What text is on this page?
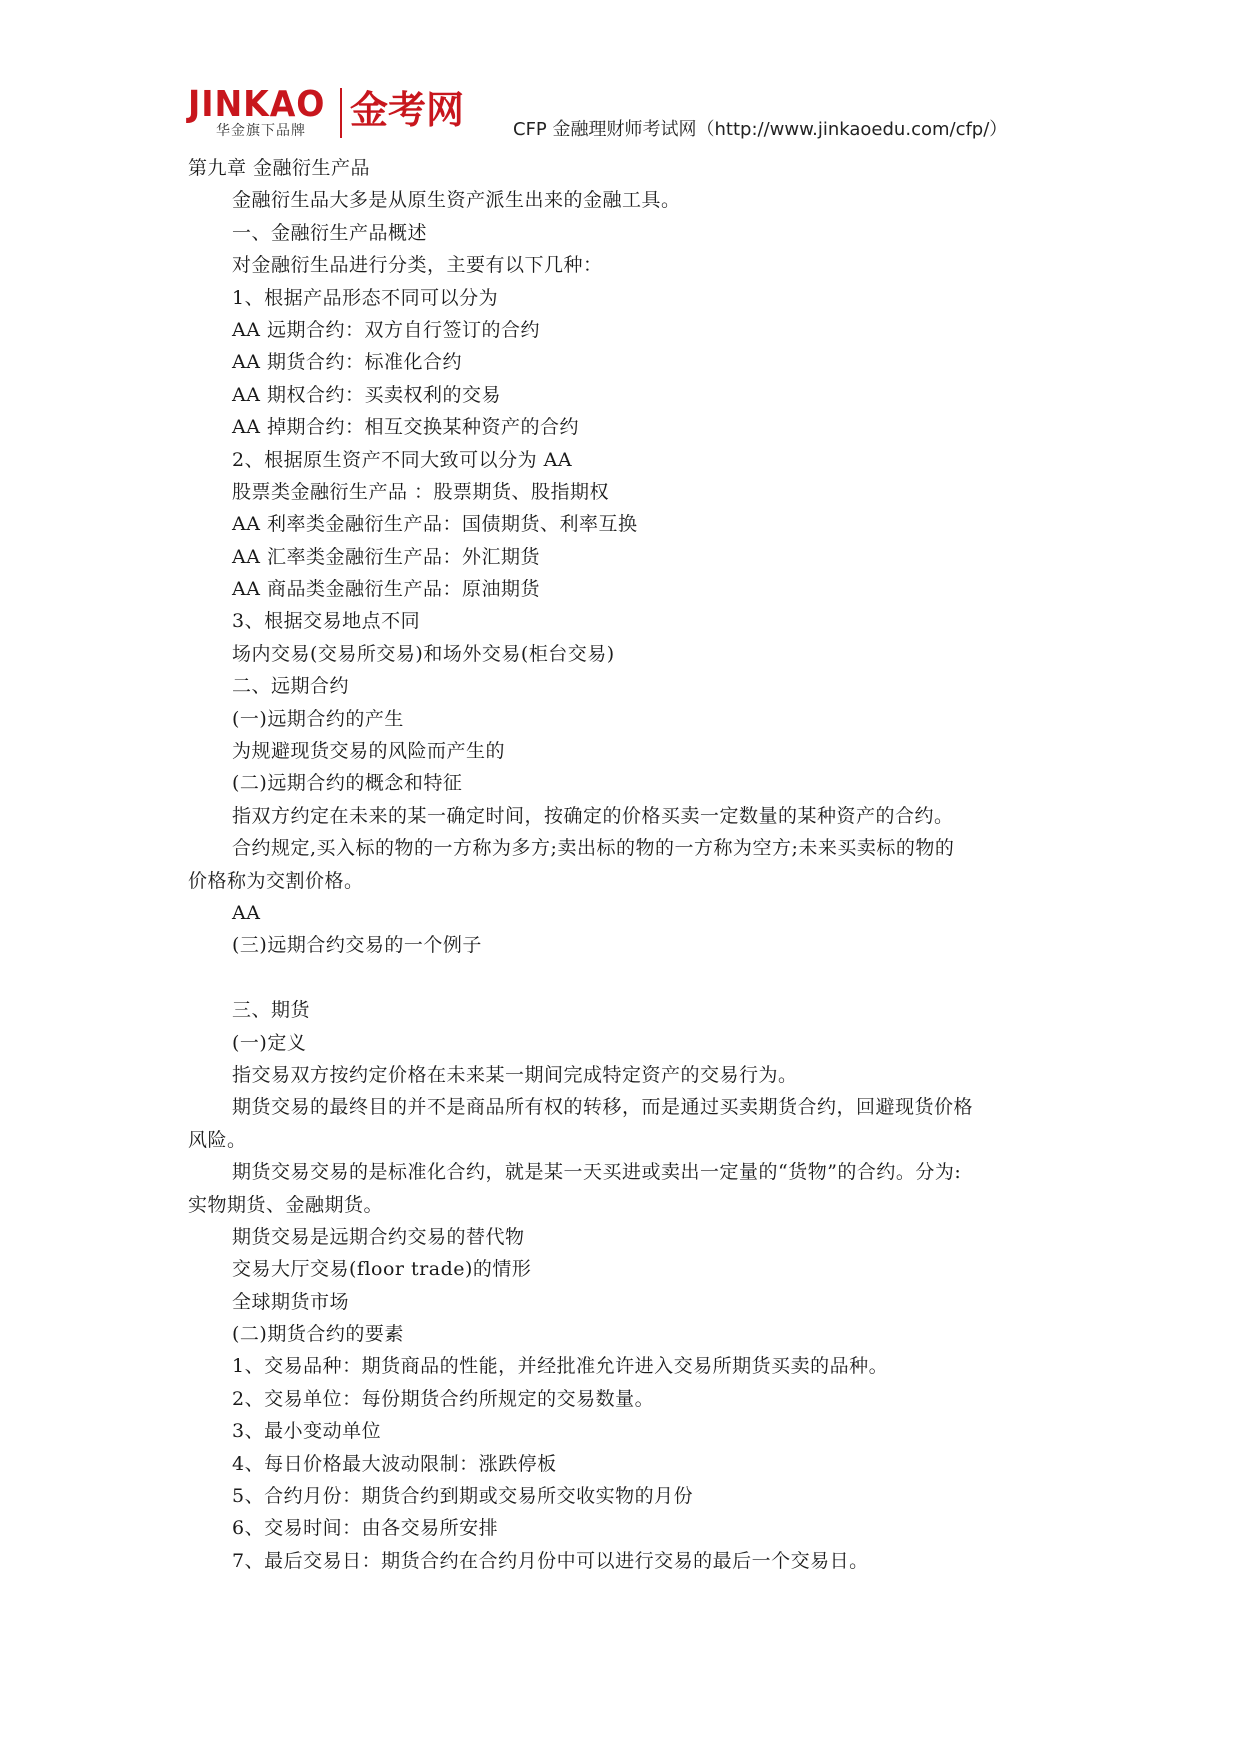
JINKAO
华金旗下品牌 金考网	CFP 金融理财师考试网（http://www.jinkaoedu.com/cfp/）
第九章 金融衍生产品
金融衍生品大多是从原生资产派生出来的金融工具。
一、金融衍生产品概述
对金融衍生品进行分类，主要有以下几种：
1、根据产品形态不同可以分为
AA 远期合约：双方自行签订的合约
AA 期货合约：标准化合约
AA 期权合约：买卖权利的交易
AA 掉期合约：相互交换某种资产的合约
2、根据原生资产不同大致可以分为 AA
股票类金融衍生产品 ：股票期货、股指期权
AA 利率类金融衍生产品：国债期货、利率互换
AA 汇率类金融衍生产品：外汇期货
AA 商品类金融衍生产品：原油期货
3、根据交易地点不同
场内交易(交易所交易)和场外交易(柜台交易)
二、远期合约
(一)远期合约的产生
为规避现货交易的风险而产生的
(二)远期合约的概念和特征
指双方约定在未来的某一确定时间，按确定的价格买卖一定数量的某种资产的合约。
合约规定,买入标的物的一方称为多方;卖出标的物的一方称为空方;未来买卖标的物的
价格称为交割价格。
AA
(三)远期合约交易的一个例子
三、期货
(一)定义
指交易双方按约定价格在未来某一期间完成特定资产的交易行为。
期货交易的最终目的并不是商品所有权的转移，而是通过买卖期货合约，回避现货价格
风险。
期货交易交易的是标准化合约，就是某一天买进或卖出一定量的“货物”的合约。分为:
实物期货、金融期货。
期货交易是远期合约交易的替代物
交易大厅交易(floor trade)的情形
全球期货市场
(二)期货合约的要素
1、交易品种：期货商品的性能，并经批准允许进入交易所期货买卖的品种。
2、交易单位：每份期货合约所规定的交易数量。
3、最小变动单位
4、每日价格最大波动限制：涨跌停板
5、合约月份：期货合约到期或交易所交收实物的月份
6、交易时间：由各交易所安排
7、最后交易日：期货合约在合约月份中可以进行交易的最后一个交易日。
